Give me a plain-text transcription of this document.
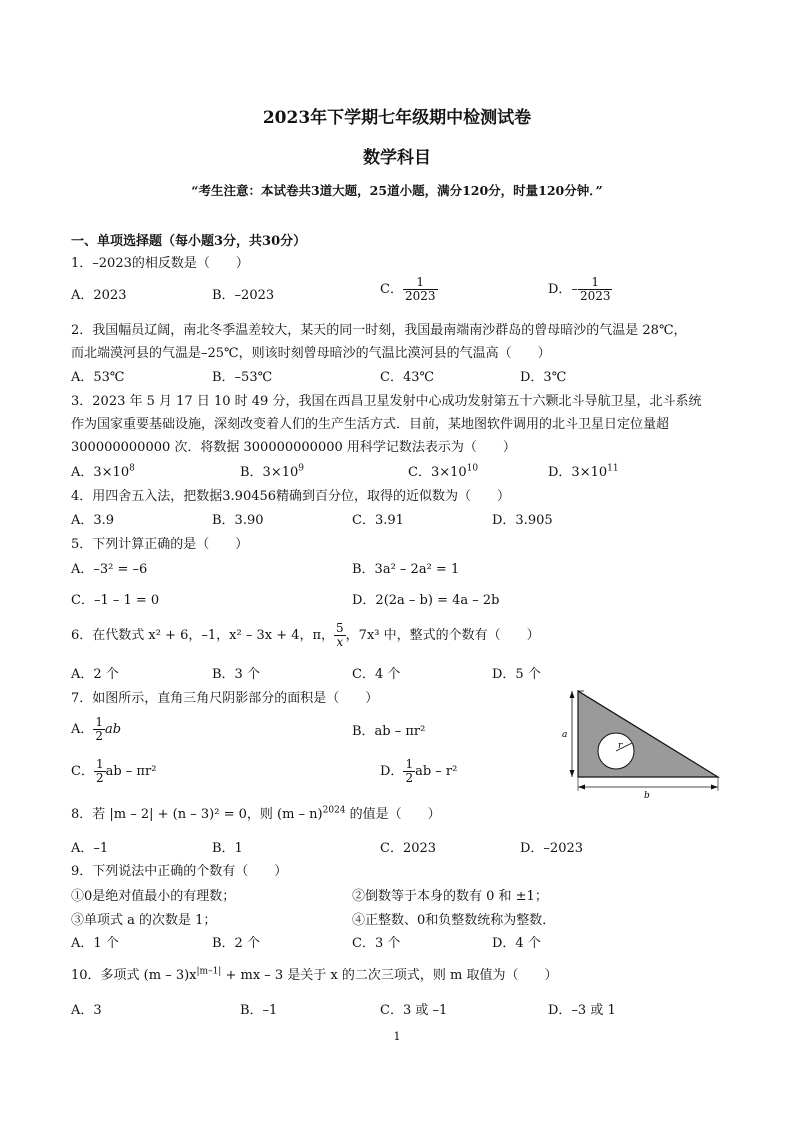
2023年下学期七年级期中检测试卷
数学科目
“考生注意：本试卷共3道大题，25道小题，满分120分，时量120分钟．”
一、单项选择题（每小题3分，共30分）
1．–2023的相反数是（　　）
A．2023	B．–2023	C． $\frac{1}{2023}$	D．– $\frac{1}{2023}$
2．我国幅员辽阔，南北冬季温差较大，某天的同一时刻，我国最南端南沙群岛的曾母暗沙的气温是 28℃，
而北端漠河县的气温是–25℃，则该时刻曾母暗沙的气温比漠河县的气温高（　　）
A．53℃	B．–53℃	C．43℃	D．3℃
3．2023 年 5 月 17 日 10 时 49 分，我国在西昌卫星发射中心成功发射第五十六颗北斗导航卫星，北斗系统
作为国家重要基础设施，深刻改变着人们的生产生活方式．目前，某地图软件调用的北斗卫星日定位量超
300000000000 次．将数据 300000000000 用科学记数法表示为（　　）
A．$3\times 10^8$	B．$3\times 10^9$	C．$3\times 10^{10}$	D．$3\times 10^{11}$
4．用四舍五入法，把数据3.90456精确到百分位，取得的近似数为（　　）
A．3.9	B．3.90	C．3.91	D．3.905
5．下列计算正确的是（　　）
A．–3² = –6	B．3a² – 2a² = 1
C．–1 – 1 = 0	D．2(2a – b) = 4a – 2b
6．在代数式 x² + 6，–1，x² – 3x + 4，π， $\frac{5}{x}$ ，7x³ 中，整式的个数有（　　）
A．2 个	B．3 个	C．4 个	D．5 个
7．如图所示，直角三角尺阴影部分的面积是（　　）
A． $\frac{1}{2}$ ab	B．ab – πr²
C． $\frac{1}{2}$ ab – πr²	D． $\frac{1}{2}$ ab – r²
r
a
b
8．若 |m – 2| + (n – 3)² = 0，则 (m – n)$^{2024}$ 的值是（　　）
A．–1	B．1	C．2023	D．–2023
9．下列说法中正确的个数有（　　）
①0是绝对值最小的有理数；	②倒数等于本身的数有 0 和 ±1；
③单项式 a 的次数是 1；	④正整数、0和负整数统称为整数．
A．1 个	B．2 个	C．3 个	D．4 个
10．多项式 $(m - 3)x^{|m-1|}$ + mx – 3 是关于 x 的二次三项式，则 m 取值为（　　）
A．3	B．–1	C．3 或 –1	D．–3 或 1
1
